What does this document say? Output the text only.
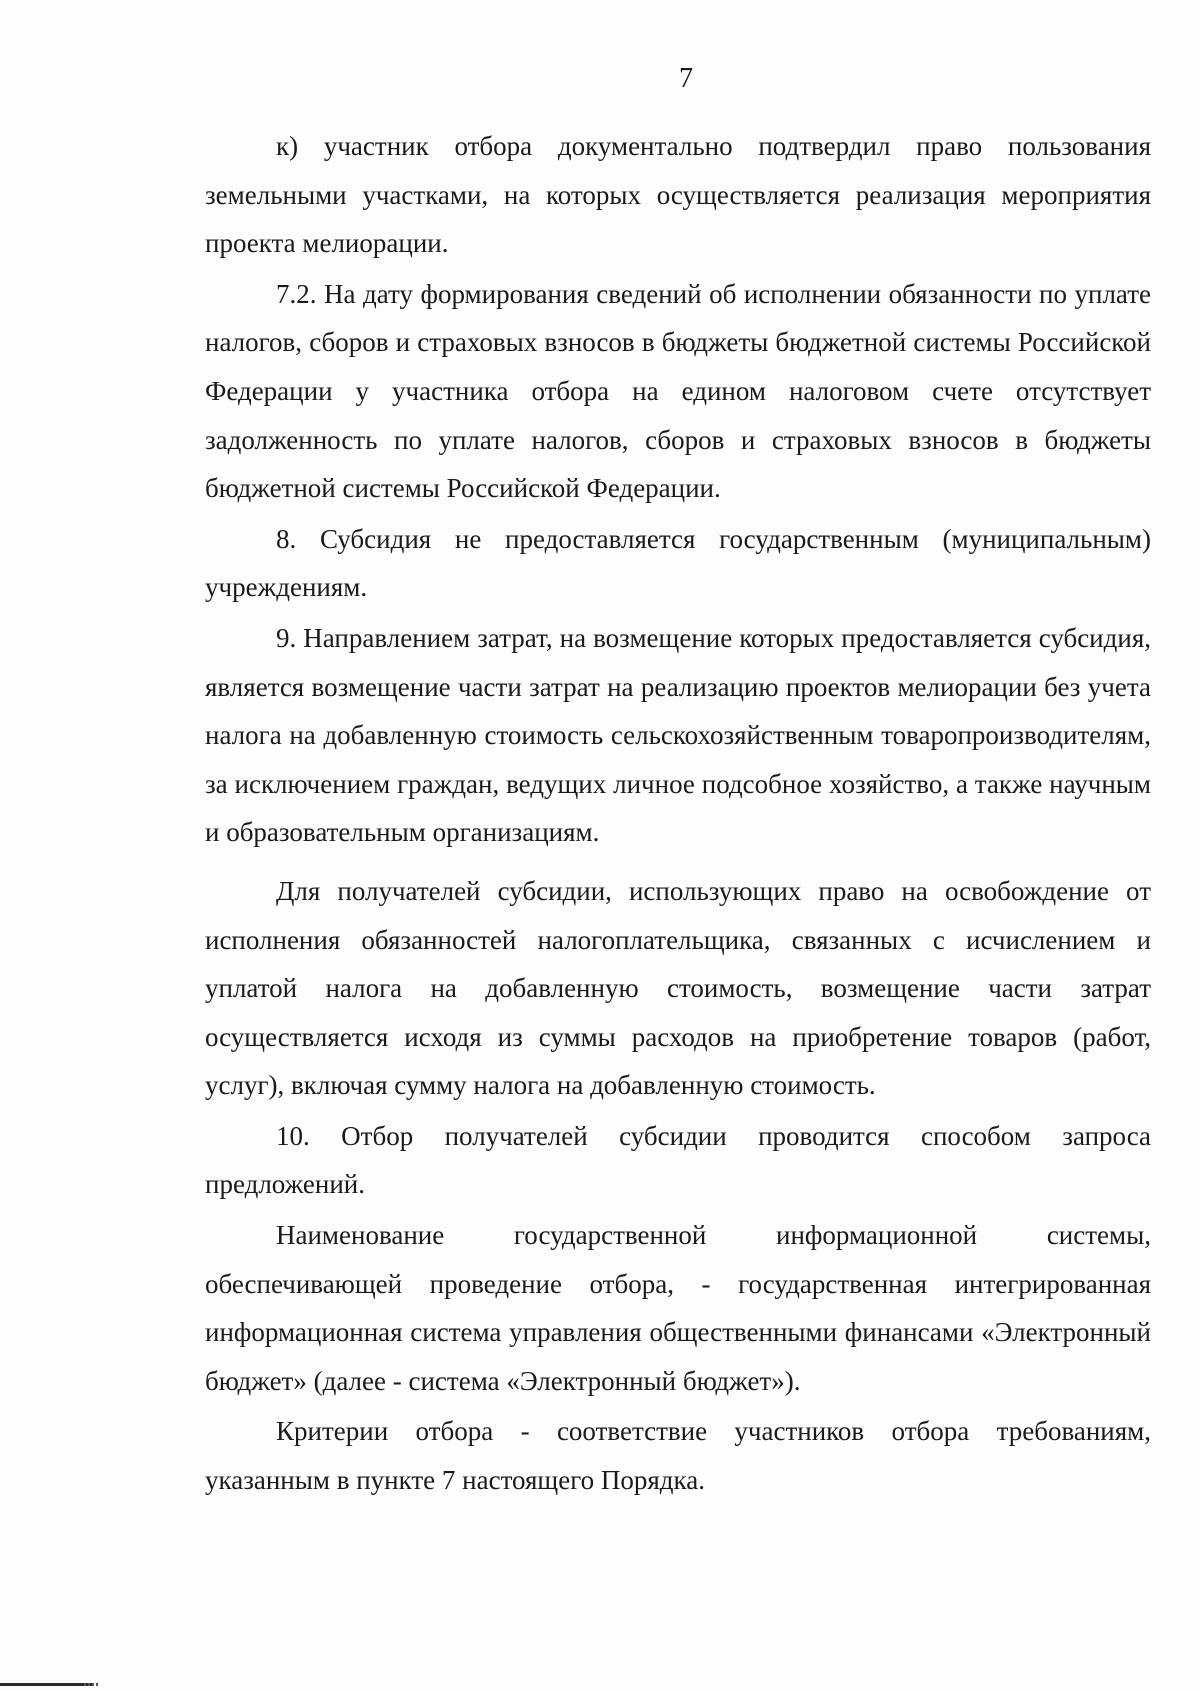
7

к) участник отбора документально подтвердил право пользования земельными участками, на которых осуществляется реализация мероприятия проекта мелиорации.

7.2. На дату формирования сведений об исполнении обязанности по уплате налогов, сборов и страховых взносов в бюджеты бюджетной системы Российской Федерации у участника отбора на едином налоговом счете отсутствует задолженность по уплате налогов, сборов и страховых взносов в бюджеты бюджетной системы Российской Федерации.

8. Субсидия не предоставляется государственным (муниципальным) учреждениям.

9. Направлением затрат, на возмещение которых предоставляется субсидия, является возмещение части затрат на реализацию проектов мелиорации без учета налога на добавленную стоимость сельскохозяйственным товаропроизводителям, за исключением граждан, ведущих личное подсобное хозяйство, а также научным и образовательным организациям.

Для получателей субсидии, использующих право на освобождение от исполнения обязанностей налогоплательщика, связанных с исчислением и уплатой налога на добавленную стоимость, возмещение части затрат осуществляется исходя из суммы расходов на приобретение товаров (работ, услуг), включая сумму налога на добавленную стоимость.

10. Отбор получателей субсидии проводится способом запроса предложений.

Наименование государственной информационной системы, обеспечивающей проведение отбора, - государственная интегрированная информационная система управления общественными финансами «Электронный бюджет» (далее - система «Электронный бюджет»).

Критерии отбора - соответствие участников отбора требованиям, указанным в пункте 7 настоящего Порядка.
